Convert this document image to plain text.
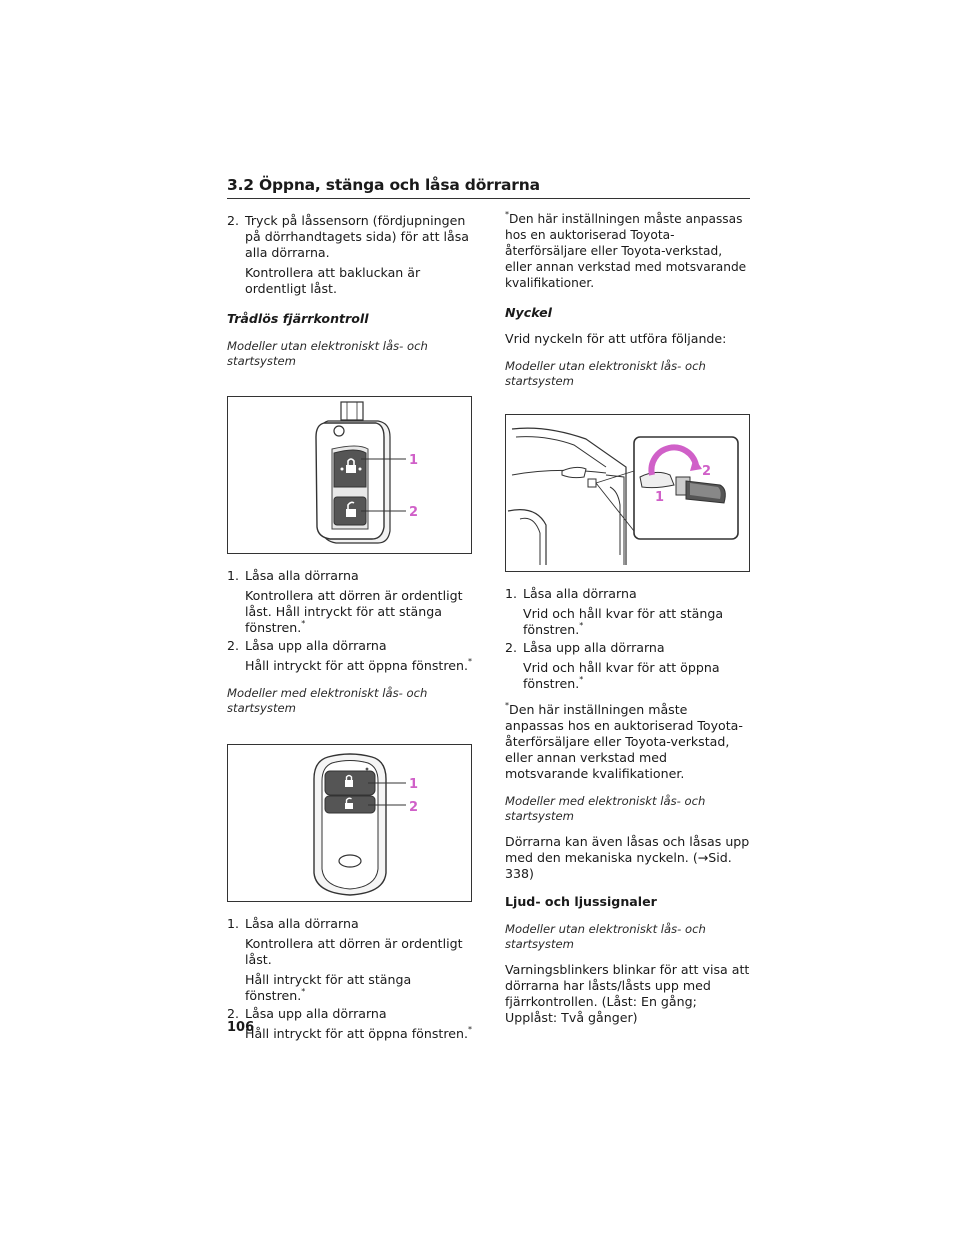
3.2 Öppna, stänga och låsa dörrarna
2. Tryck på låssensorn (fördjupningen på dörrhandtagets sida) för att låsa alla dörrarna.

Kontrollera att bakluckan är ordentligt låst.

Trådlös fjärrkontroll

Modeller utan elektroniskt lås- och startsystem

1
2
1. Låsa alla dörrarna

Kontrollera att dörren är ordentligt låst. Håll intryckt för att stänga fönstren.*

2. Låsa upp alla dörrarna

Håll intryckt för att öppna fönstren.*

Modeller med elektroniskt lås- och startsystem

1
2
1. Låsa alla dörrarna

Kontrollera att dörren är ordentligt låst.

Håll intryckt för att stänga fönstren.*

2. Låsa upp alla dörrarna

Håll intryckt för att öppna fönstren.*

*Den här inställningen måste anpassas hos en auktoriserad Toyota-återförsäljare eller Toyota-verkstad, eller annan verkstad med motsvarande kvalifikationer.

Nyckel

Vrid nyckeln för att utföra följande:

Modeller utan elektroniskt lås- och startsystem

2
1
1. Låsa alla dörrarna

Vrid och håll kvar för att stänga fönstren.*

2. Låsa upp alla dörrarna

Vrid och håll kvar för att öppna fönstren.*

*Den här inställningen måste anpassas hos en auktoriserad Toyota-återförsäljare eller Toyota-verkstad, eller annan verkstad med motsvarande kvalifikationer.

Modeller med elektroniskt lås- och startsystem

Dörrarna kan även låsas och låsas upp med den mekaniska nyckeln. (→Sid. 338)

Ljud- och ljussignaler

Modeller utan elektroniskt lås- och startsystem

Varningsblinkers blinkar för att visa att dörrarna har låsts/låsts upp med fjärrkontrollen. (Låst: En gång; Upplåst: Två gånger)

106
